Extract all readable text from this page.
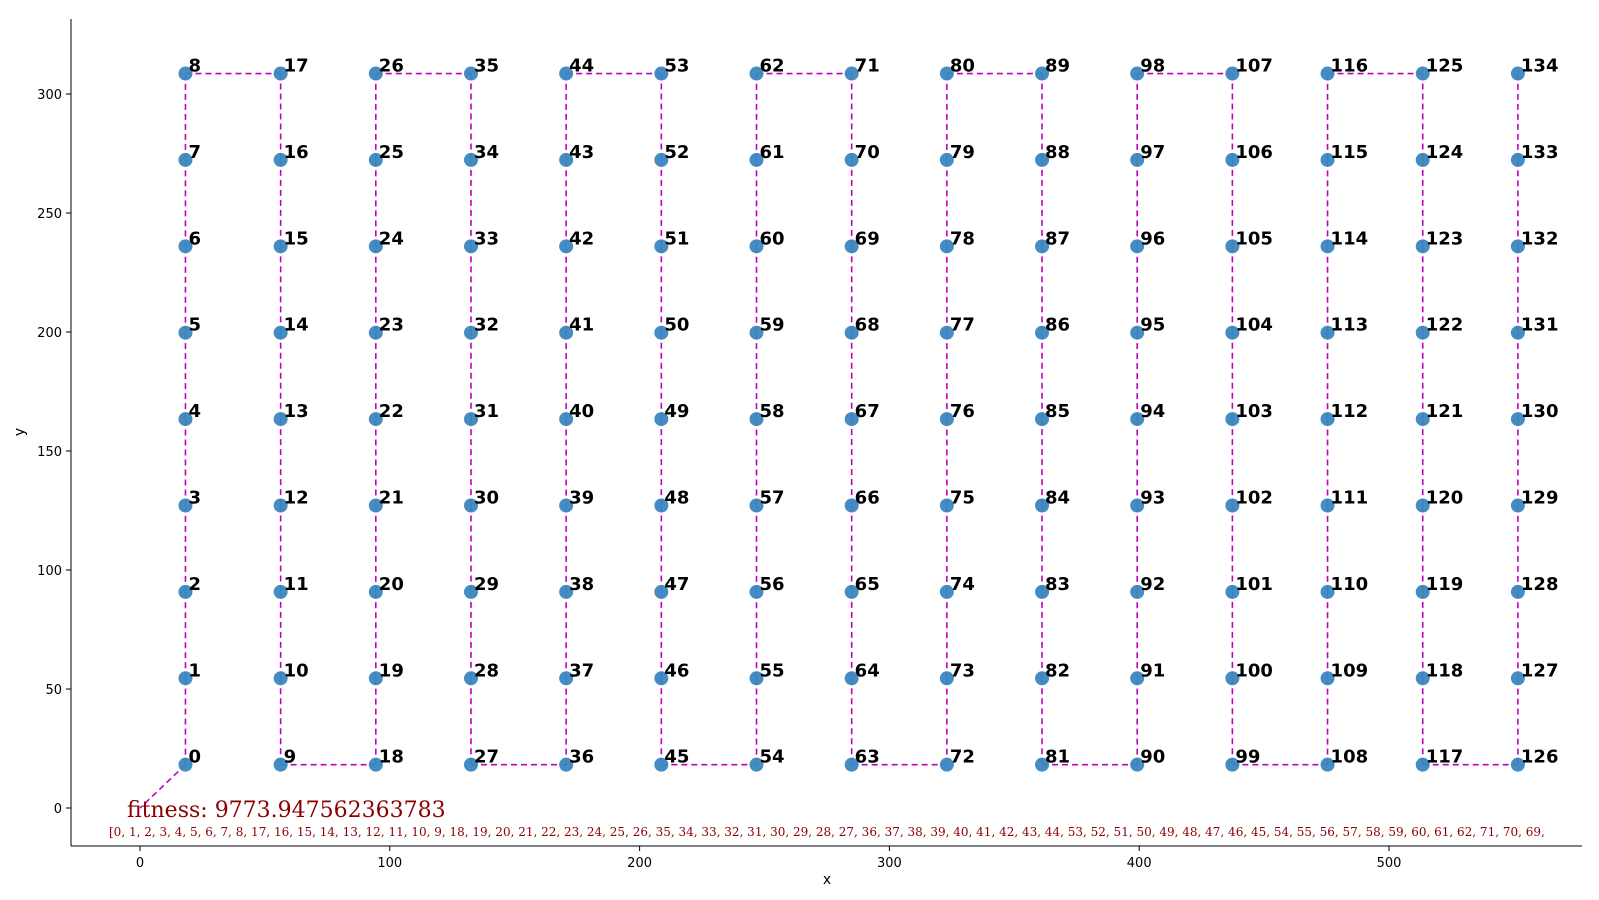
0
1
2
3
4
5
6
7
8
9
10
11
12
13
14
15
16
17
18
19
20
21
22
23
24
25
26
27
28
29
30
31
32
33
34
35
36
37
38
39
40
41
42
43
44
45
46
47
48
49
50
51
52
53
54
55
56
57
58
59
60
61
62
63
64
65
66
67
68
69
70
71
72
73
74
75
76
77
78
79
80
81
82
83
84
85
86
87
88
89
90
91
92
93
94
95
96
97
98
99
100
101
102
103
104
105
106
107
108
109
110
111
112
113
114
115
116
117
118
119
120
121
122
123
124
125
126
127
128
129
130
131
132
133
134
0	100	200	300	400	500
0
50
100
150
200
250
300
x
y
fitness: 9773.947562363783
[0, 1, 2, 3, 4, 5, 6, 7, 8, 17, 16, 15, 14, 13, 12, 11, 10, 9, 18, 19, 20, 21, 22, 23, 24, 25, 26, 35, 34, 33, 32, 31, 30, 29, 28, 27, 36, 37, 38, 39, 40, 41, 42, 43, 44, 53, 52, 51, 50, 49, 48, 47, 46, 45, 54, 55, 56, 57, 58, 59, 60, 61, 62, 71, 70, 69,
